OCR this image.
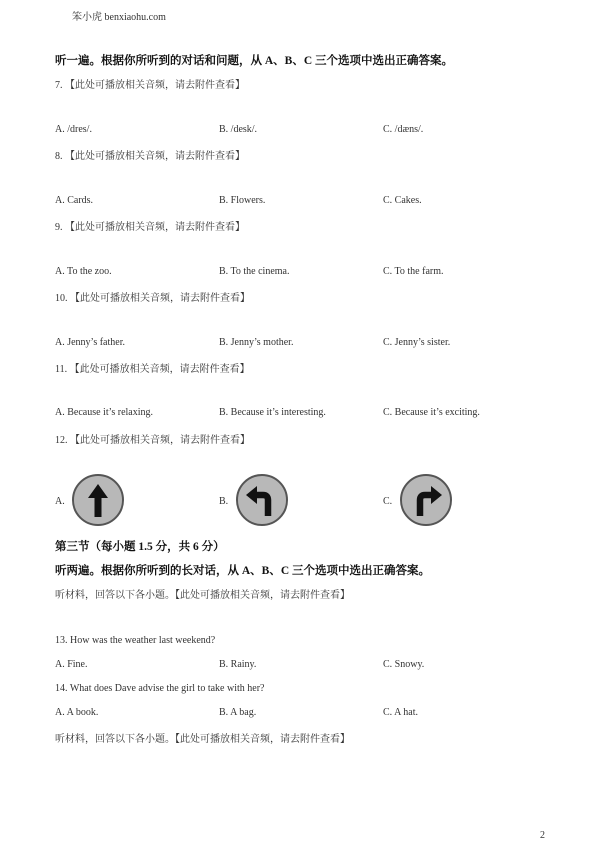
笨小虎 benxiaohu.com
听一遍。根据你所听到的对话和问题，从 A、B、C 三个选项中选出正确答案。
7. 【此处可播放相关音频，请去附件查看】
A. /dres/.	B. /desk/.	C. /dæns/.
8. 【此处可播放相关音频，请去附件查看】
A. Cards.	B. Flowers.	C. Cakes.
9. 【此处可播放相关音频，请去附件查看】
A. To the zoo.	B. To the cinema.	C. To the farm.
10. 【此处可播放相关音频，请去附件查看】
A. Jenny’s father.	B. Jenny’s mother.	C. Jenny’s sister.
11. 【此处可播放相关音频，请去附件查看】
A. Because it’s relaxing.	B. Because it’s interesting.	C. Because it’s exciting.
12. 【此处可播放相关音频，请去附件查看】
A.	B.	C.
第三节（每小题 1.5 分，共 6 分）
听两遍。根据你所听到的长对话，从 A、B、C 三个选项中选出正确答案。
听材料，回答以下各小题。【此处可播放相关音频，请去附件查看】
13. How was the weather last weekend?
A. Fine.	B. Rainy.	C. Snowy.
14. What does Dave advise the girl to take with her?
A. A book.	B. A bag.	C. A hat.
听材料，回答以下各小题。【此处可播放相关音频，请去附件查看】
2
